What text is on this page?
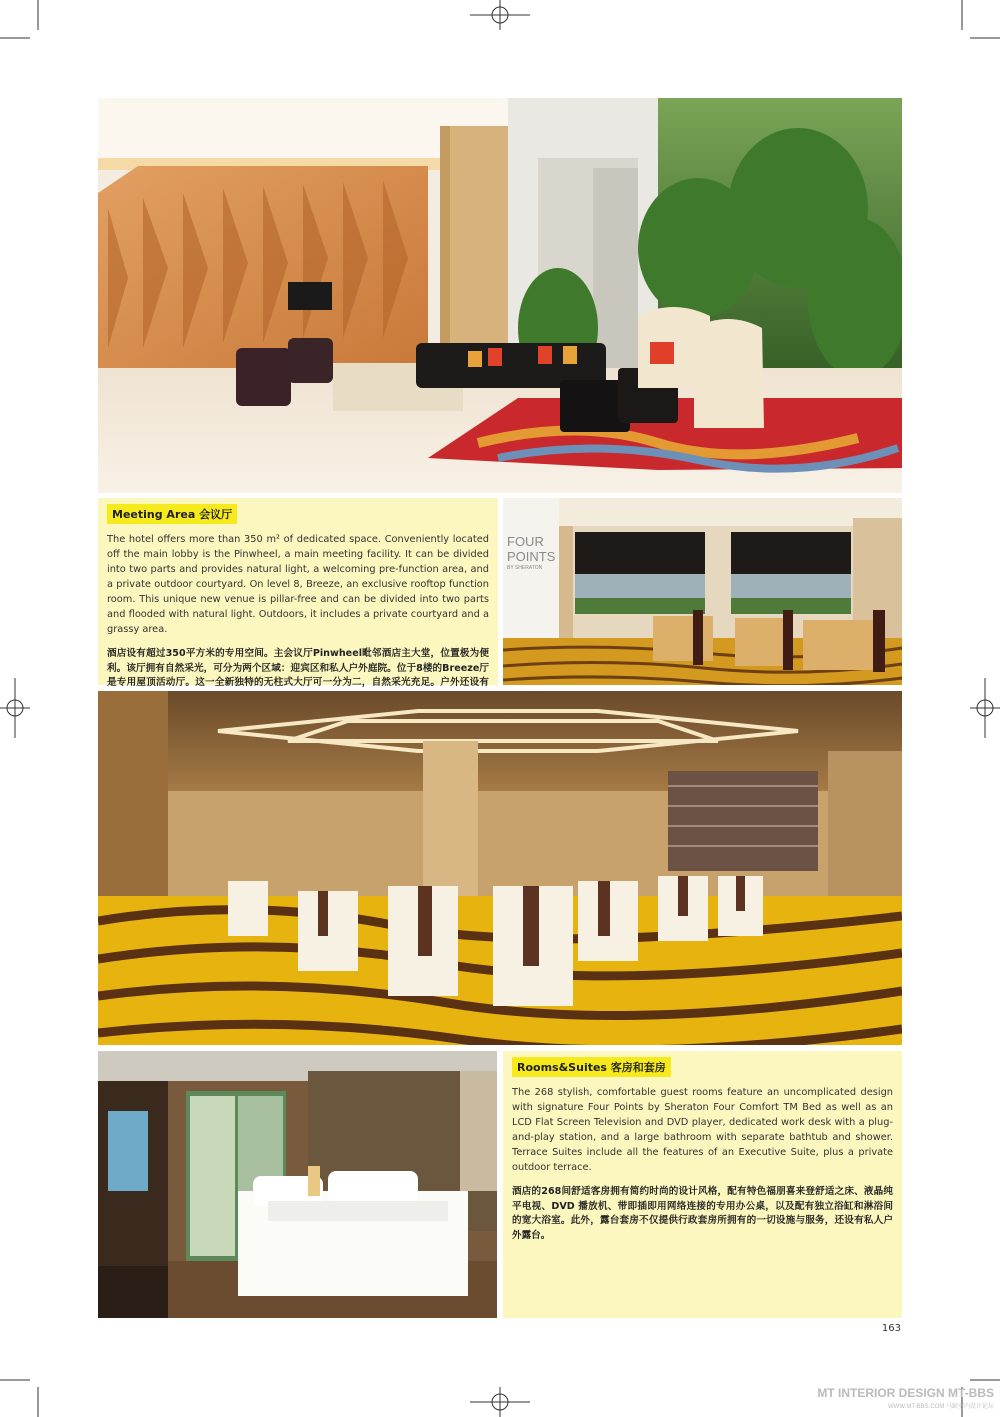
Meeting Area 会议厅

The hotel offers more than 350 m² of dedicated space. Conveniently located off the main lobby is the Pinwheel, a main meeting facility. It can be divided into two parts and provides natural light, a welcoming pre-function area, and a private outdoor courtyard. On level 8, Breeze, an exclusive rooftop function room. This unique new venue is pillar-free and can be divided into two parts and flooded with natural light. Outdoors, it includes a private courtyard and a grassy area.

酒店设有超过350平方米的专用空间。主会议厅Pinwheel毗邻酒店主大堂，位置极为便利。该厅拥有自然采光，可分为两个区域：迎宾区和私人户外庭院。位于8楼的Breeze厅是专用屋顶活动厅。这一全新独特的无柱式大厅可一分为二，自然采光充足。户外还设有

FOUR
POINTS
BY SHERATON
Rooms&Suites 客房和套房

The 268 stylish, comfortable guest rooms feature an uncomplicated design with signature Four Points by Sheraton Four Comfort TM Bed as well as an LCD Flat Screen Television and DVD player, dedicated work desk with a plug-and-play station, and a large bathroom with separate bathtub and shower. Terrace Suites include all the features of an Executive Suite, plus a private outdoor terrace.

酒店的268间舒适客房拥有简约时尚的设计风格，配有特色福朋喜来登舒适之床、液晶纯平电视、DVD 播放机、带即插即用网络连接的专用办公桌，以及配有独立浴缸和淋浴间的宽大浴室。此外，露台套房不仅提供行政套房所拥有的一切设施与服务，还设有私人户外露台。

163
MT INTERIOR DESIGN MT-BBS
WWW.MT-BBS.COM 马蹄室内设计论坛
